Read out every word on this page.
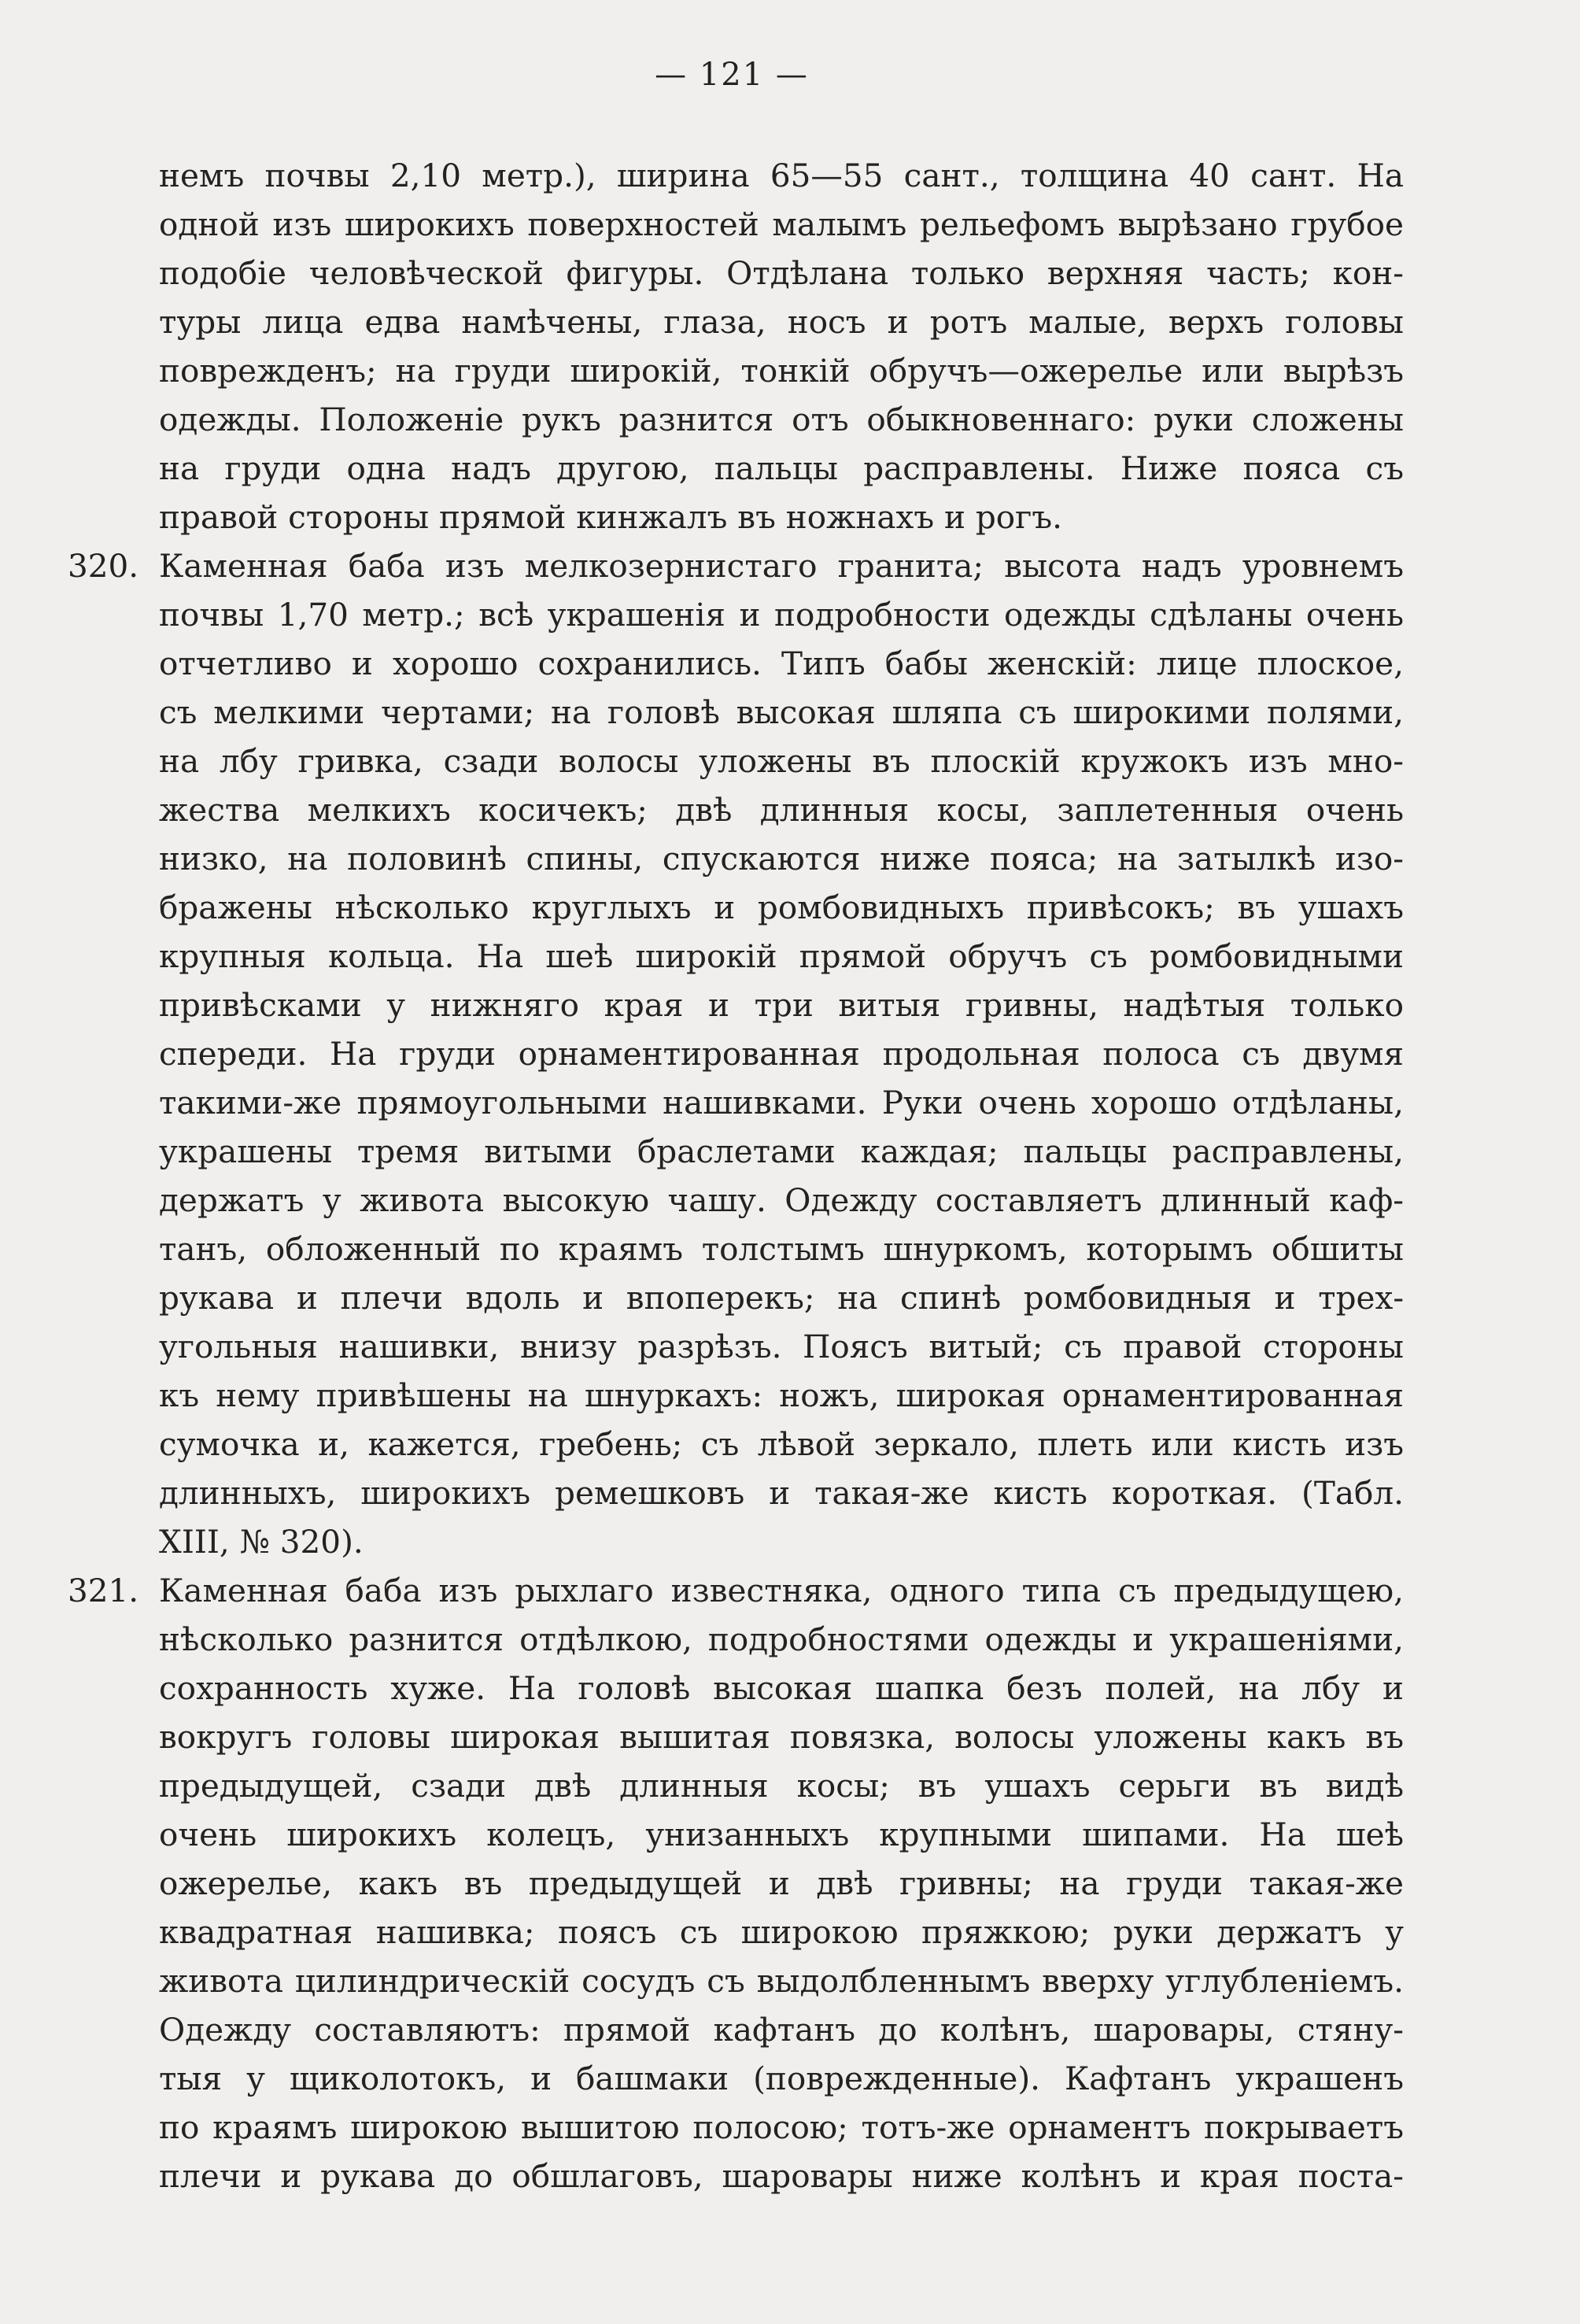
— 121 —
немъ почвы 2,10 метр.), ширина 65—55 сант., толщина 40 сант. На
одной изъ широкихъ поверхностей малымъ рельефомъ вырѣзано грубое
подобіе человѣческой фигуры. Отдѣлана только верхняя часть; кон-
туры лица едва намѣчены, глаза, носъ и ротъ малые, верхъ головы
поврежденъ; на груди широкій, тонкій обручъ—ожерелье или вырѣзъ
одежды. Положеніе рукъ разнится отъ обыкновеннаго: руки сложены
на груди одна надъ другою, пальцы расправлены. Ниже пояса съ
правой стороны прямой кинжалъ въ ножнахъ и рогъ.
320. Каменная баба изъ мелкозернистаго гранита; высота надъ уровнемъ
почвы 1,70 метр.; всѣ украшенія и подробности одежды сдѣланы очень
отчетливо и хорошо сохранились. Типъ бабы женскій: лице плоское,
съ мелкими чертами; на головѣ высокая шляпа съ широкими полями,
на лбу гривка, сзади волосы уложены въ плоскій кружокъ изъ мно-
жества мелкихъ косичекъ; двѣ длинныя косы, заплетенныя очень
низко, на половинѣ спины, спускаются ниже пояса; на затылкѣ изо-
бражены нѣсколько круглыхъ и ромбовидныхъ привѣсокъ; въ ушахъ
крупныя кольца. На шеѣ широкій прямой обручъ съ ромбовидными
привѣсками у нижняго края и три витыя гривны, надѣтыя только
спереди. На груди орнаментированная продольная полоса съ двумя
такими-же прямоугольными нашивками. Руки очень хорошо отдѣланы,
украшены тремя витыми браслетами каждая; пальцы расправлены,
держатъ у живота высокую чашу. Одежду составляетъ длинный каф-
танъ, обложенный по краямъ толстымъ шнуркомъ, которымъ обшиты
рукава и плечи вдоль и впоперекъ; на спинѣ ромбовидныя и трех-
угольныя нашивки, внизу разрѣзъ. Поясъ витый; съ правой стороны
къ нему привѣшены на шнуркахъ: ножъ, широкая орнаментированная
сумочка и, кажется, гребень; съ лѣвой зеркало, плеть или кисть изъ
длинныхъ, широкихъ ремешковъ и такая-же кисть короткая. (Табл.
XIII, № 320).
321. Каменная баба изъ рыхлаго известняка, одного типа съ предыдущею,
нѣсколько разнится отдѣлкою, подробностями одежды и украшеніями,
сохранность хуже. На головѣ высокая шапка безъ полей, на лбу и
вокругъ головы широкая вышитая повязка, волосы уложены какъ въ
предыдущей, сзади двѣ длинныя косы; въ ушахъ серьги въ видѣ
очень широкихъ колецъ, унизанныхъ крупными шипами. На шеѣ
ожерелье, какъ въ предыдущей и двѣ гривны; на груди такая-же
квадратная нашивка; поясъ съ широкою пряжкою; руки держатъ у
живота цилиндрическій сосудъ съ выдолбленнымъ вверху углубленіемъ.
Одежду составляютъ: прямой кафтанъ до колѣнъ, шаровары, стяну-
тыя у щиколотокъ, и башмаки (поврежденные). Кафтанъ украшенъ
по краямъ широкою вышитою полосою; тотъ-же орнаментъ покрываетъ
плечи и рукава до обшлаговъ, шаровары ниже колѣнъ и края поста-
